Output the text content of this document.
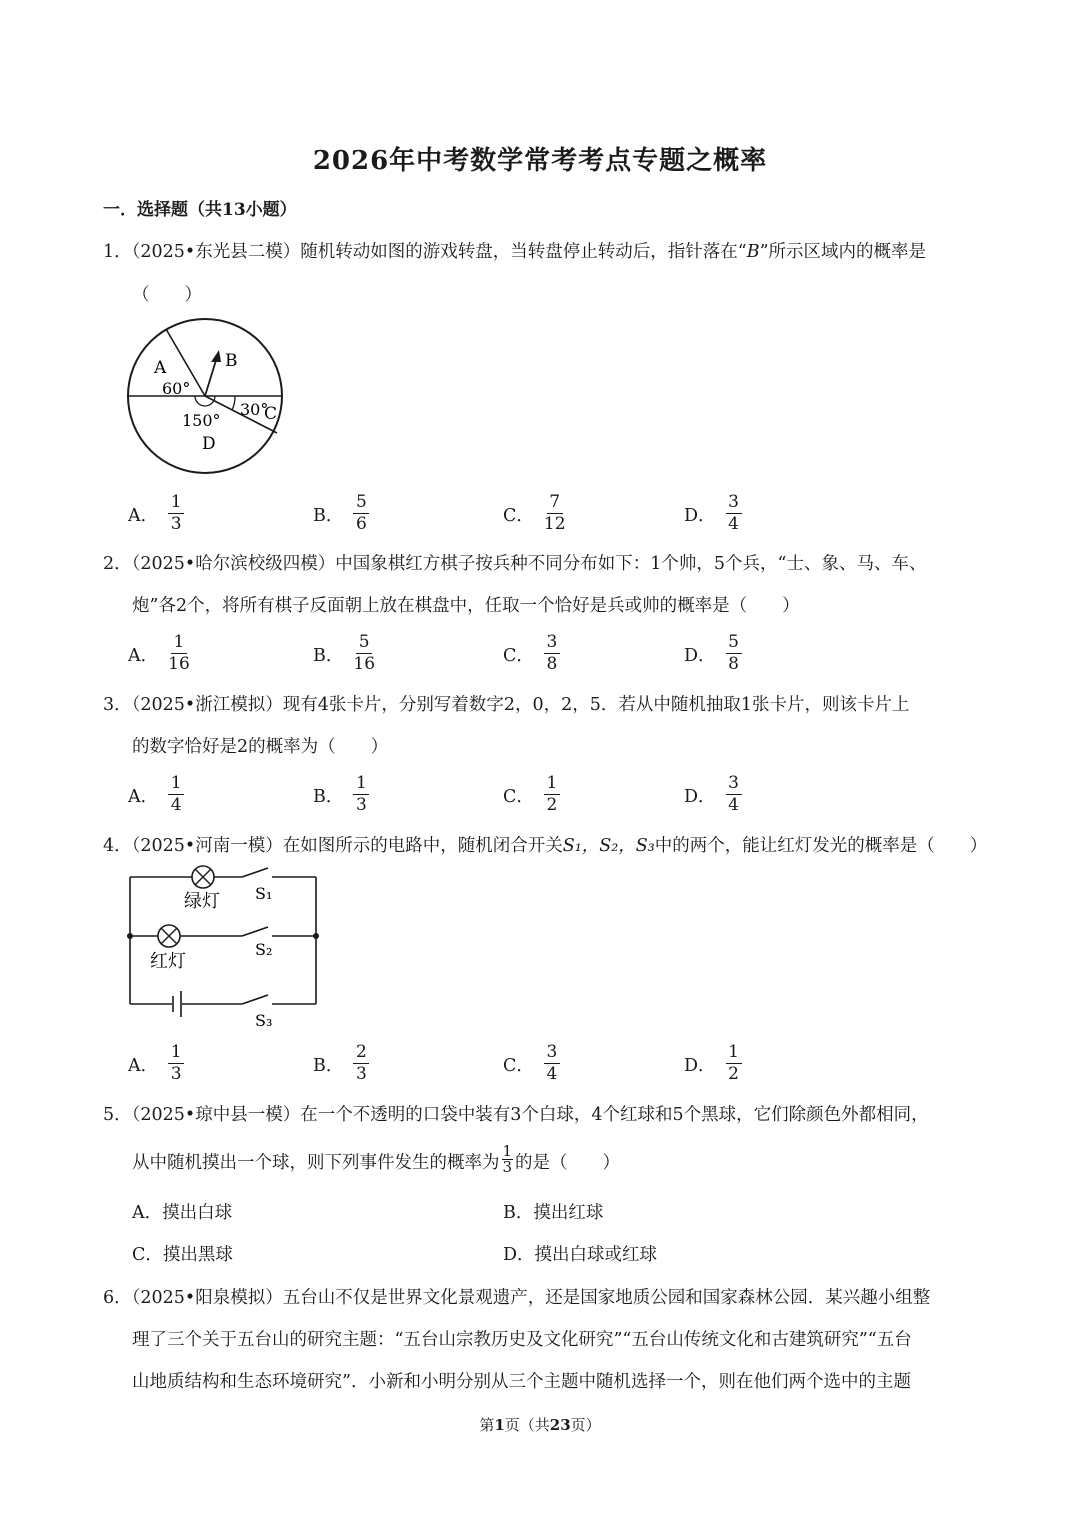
2026年中考数学常考考点专题之概率
一．选择题（共13小题）
1．（2025•东光县二模）随机转动如图的游戏转盘，当转盘停止转动后，指针落在“B”所示区域内的概率是
（　　）
A	B
C
D
60°
30°
150°
A． $\frac{1}{3}$	B． $\frac{5}{6}$	C． $\frac{7}{12}$	D． $\frac{3}{4}$
2．（2025•哈尔滨校级四模）中国象棋红方棋子按兵种不同分布如下：1个帅，5个兵，“士、象、马、车、
炮”各2个，将所有棋子反面朝上放在棋盘中，任取一个恰好是兵或帅的概率是（　　）
A． $\frac{1}{16}$	B． $\frac{5}{16}$	C． $\frac{3}{8}$	D． $\frac{5}{8}$
3．（2025•浙江模拟）现有4张卡片，分别写着数字2，0，2，5．若从中随机抽取1张卡片，则该卡片上
的数字恰好是2的概率为（　　）
A． $\frac{1}{4}$	B． $\frac{1}{3}$	C． $\frac{1}{2}$	D． $\frac{3}{4}$
4．（2025•河南一模）在如图所示的电路中，随机闭合开关S₁，S₂，S₃中的两个，能让红灯发光的概率是（　　）
绿灯
红灯
S₁
S₂
S₃
A． $\frac{1}{3}$	B． $\frac{2}{3}$	C． $\frac{3}{4}$	D． $\frac{1}{2}$
5．（2025•琼中县一模）在一个不透明的口袋中装有3个白球，4个红球和5个黑球，它们除颜色外都相同，
从中随机摸出一个球，则下列事件发生的概率为 $\frac{1}{3}$ 的是（　　）
A．摸出白球	B．摸出红球
C．摸出黑球	D．摸出白球或红球
6．（2025•阳泉模拟）五台山不仅是世界文化景观遗产，还是国家地质公园和国家森林公园．某兴趣小组整
理了三个关于五台山的研究主题：“五台山宗教历史及文化研究”“五台山传统文化和古建筑研究”“五台
山地质结构和生态环境研究”．小新和小明分别从三个主题中随机选择一个，则在他们两个选中的主题
第1页（共23页）
